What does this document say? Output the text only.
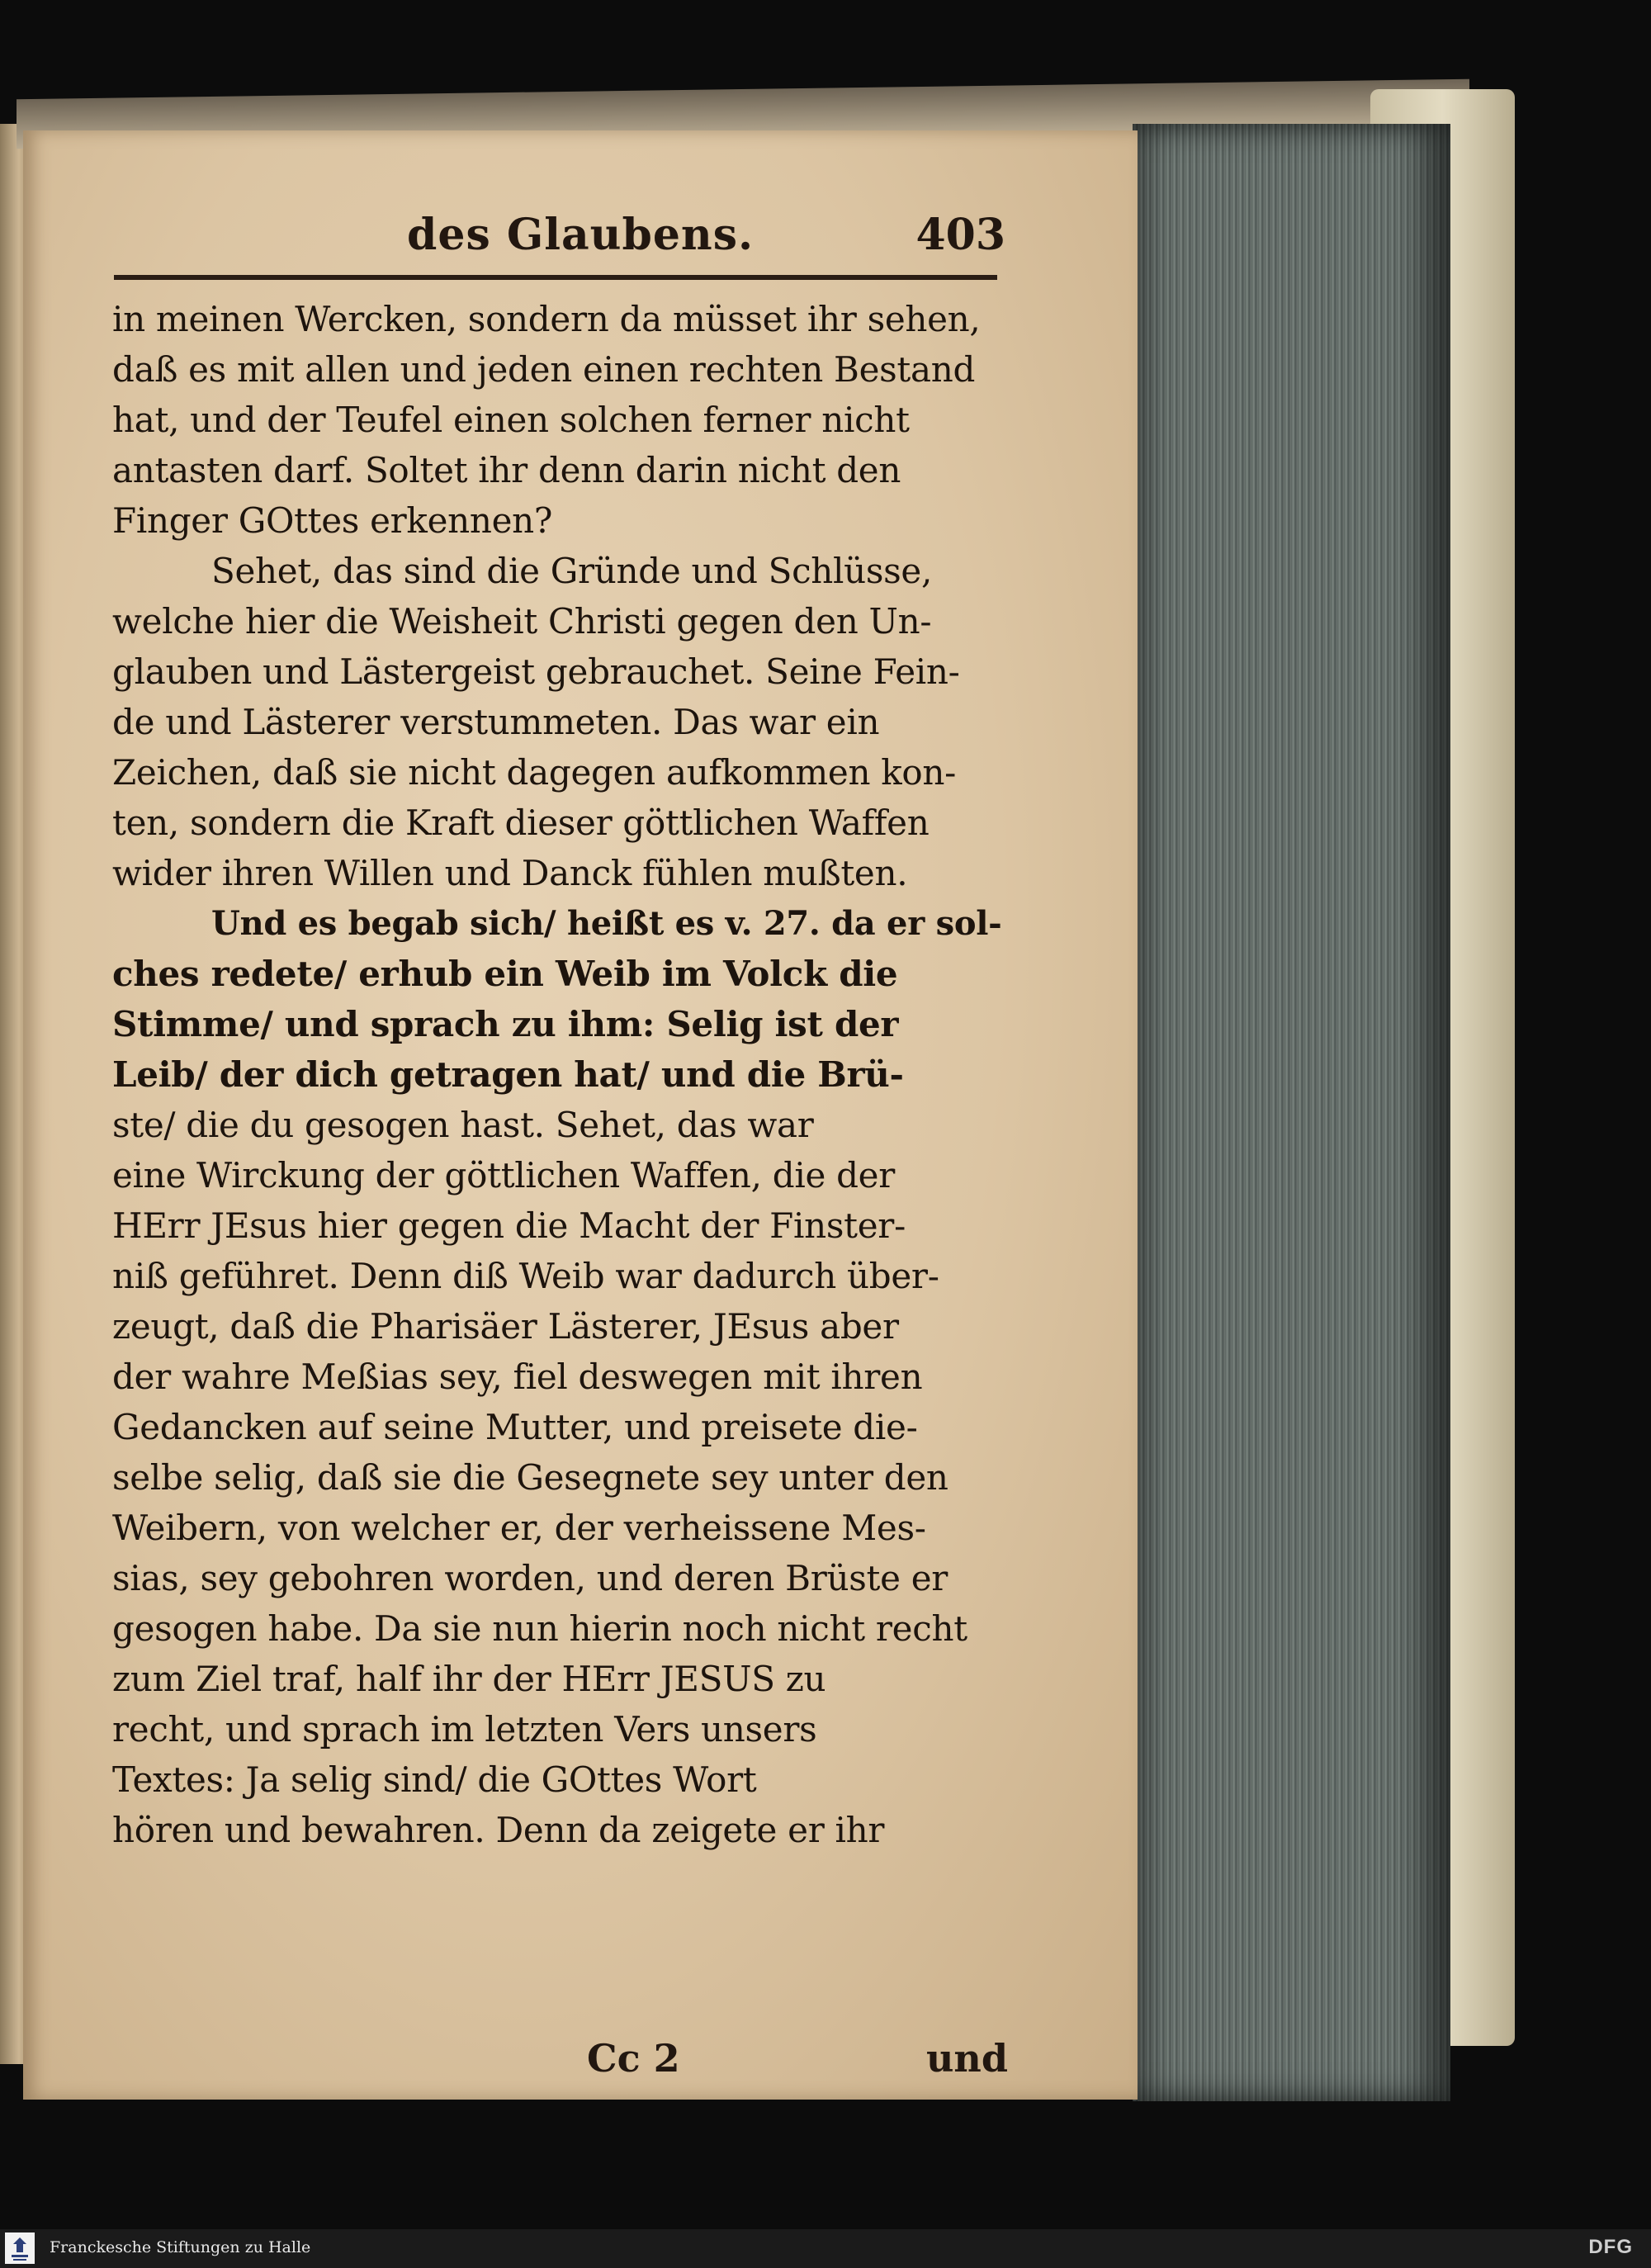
des Glaubens.	403
in meinen Wercken, sondern da müsset ihr sehen,
daß es mit allen und jeden einen rechten Bestand
hat, und der Teufel einen solchen ferner nicht
antasten darf. Soltet ihr denn darin nicht den
Finger GOttes erkennen?
Sehet, das sind die Gründe und Schlüsse,
welche hier die Weisheit Christi gegen den Un-
glauben und Lästergeist gebrauchet. Seine Fein-
de und Lästerer verstummeten. Das war ein
Zeichen, daß sie nicht dagegen aufkommen kon-
ten, sondern die Kraft dieser göttlichen Waffen
wider ihren Willen und Danck fühlen mußten.
Und es begab sich/ heißt es v. 27. da er sol-
ches redete/ erhub ein Weib im Volck die
Stimme/ und sprach zu ihm: Selig ist der
Leib/ der dich getragen hat/ und die Brü-
ste/ die du gesogen hast. Sehet, das war
eine Wirckung der göttlichen Waffen, die der
HErr JEsus hier gegen die Macht der Finster-
niß geführet. Denn diß Weib war dadurch über-
zeugt, daß die Pharisäer Lästerer, JEsus aber
der wahre Meßias sey, fiel deswegen mit ihren
Gedancken auf seine Mutter, und preisete die-
selbe selig, daß sie die Gesegnete sey unter den
Weibern, von welcher er, der verheissene Mes-
sias, sey gebohren worden, und deren Brüste er
gesogen habe. Da sie nun hierin noch nicht recht
zum Ziel traf, half ihr der HErr JESUS zu
recht, und sprach im letzten Vers unsers
Textes: Ja selig sind/ die GOttes Wort
hören und bewahren. Denn da zeigete er ihr
Cc 2	und
Franckesche Stiftungen zu Halle	DFG
